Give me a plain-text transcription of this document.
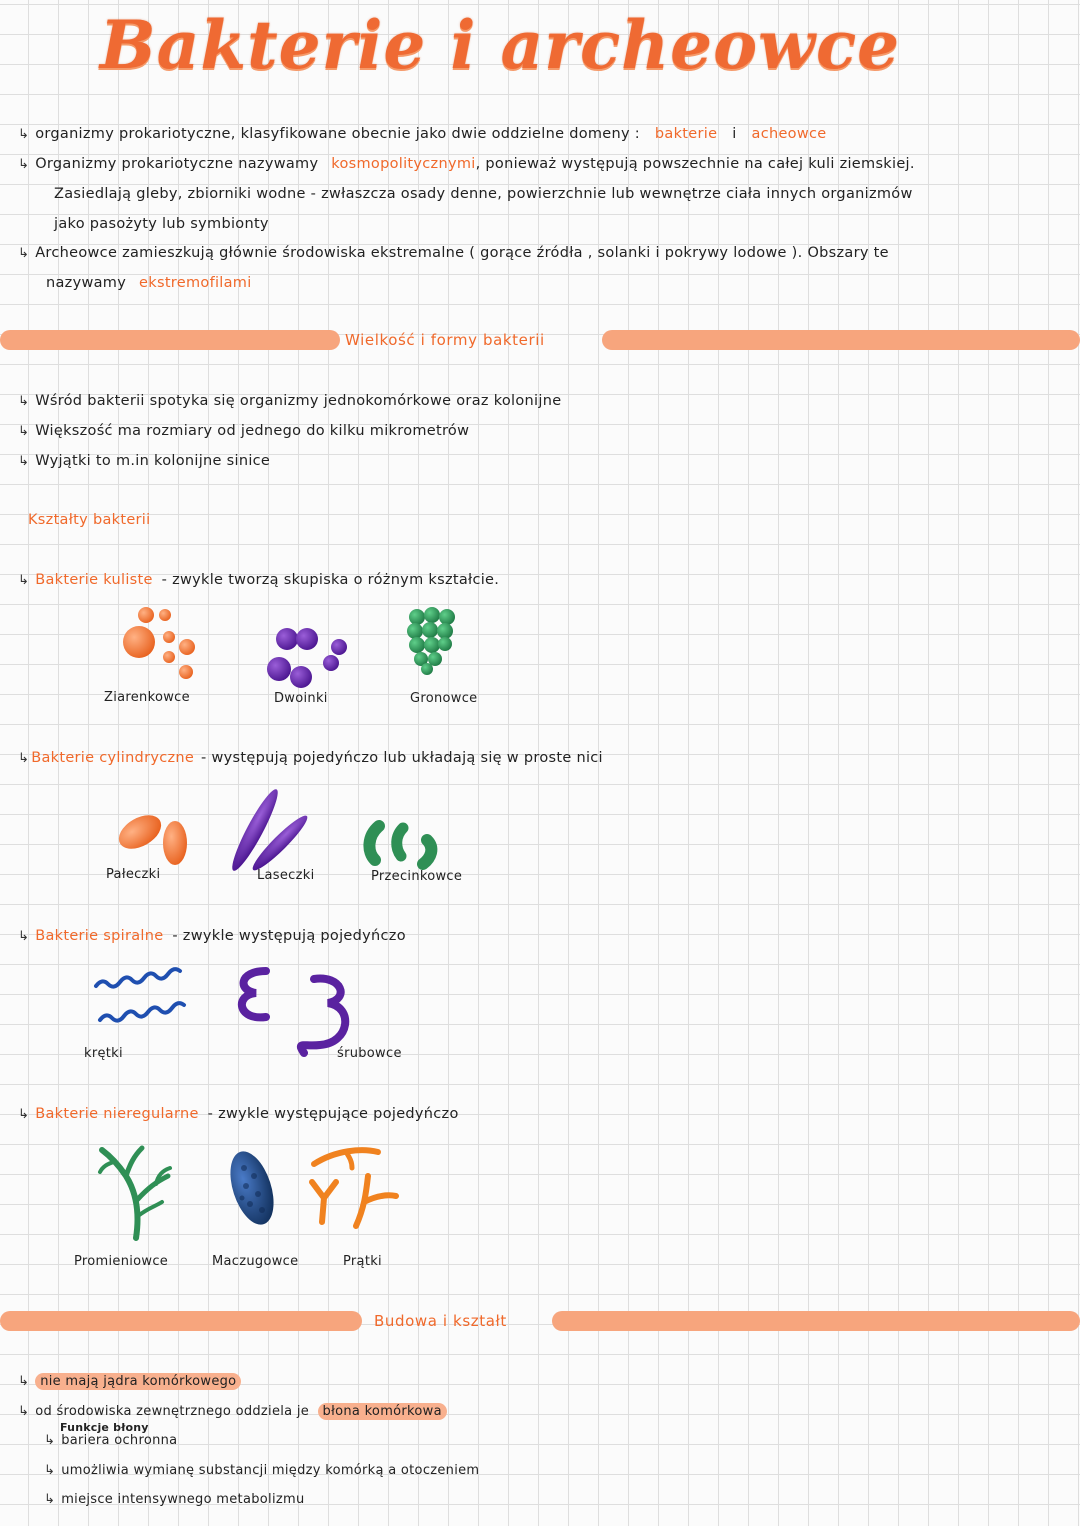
Bakterie i archeowce
↳ organizmy prokariotyczne, klasyfikowane obecnie jako dwie oddzielne domeny : bakterie i acheowce
↳ Organizmy prokariotyczne nazywamy kosmopolitycznymi, ponieważ występują powszechnie na całej kuli ziemskiej.
Zasiedlają gleby, zbiorniki wodne - zwłaszcza osady denne, powierzchnie lub wewnętrze ciała innych organizmów
jako pasożyty lub symbionty
↳ Archeowce zamieszkują głównie środowiska ekstremalne ( gorące źródła , solanki i pokrywy lodowe ). Obszary te
nazywamy ekstremofilami
Wielkość i formy bakterii
↳ Wśród bakterii spotyka się organizmy jednokomórkowe oraz kolonijne
↳ Większość ma rozmiary od jednego do kilku mikrometrów
↳ Wyjątki to m.in kolonijne sinice
Kształty bakterii
↳ Bakterie kuliste - zwykle tworzą skupiska o różnym kształcie.
Ziarenkowce	Dwoinki	Gronowce
↳ Bakterie cylindryczne - występują pojedyńczo lub układają się w proste nici
Pałeczki	Laseczki	Przecinkowce
↳ Bakterie spiralne - zwykle występują pojedyńczo
krętki	śrubowce
↳ Bakterie nieregularne - zwykle występujące pojedyńczo
Promieniowce	Maczugowce	Prątki
Budowa i kształt
↳ nie mają jądra komórkowego
↳ od środowiska zewnętrznego oddziela je błona komórkowa
Funkcje błony
↳ bariera ochronna
↳ umożliwia wymianę substancji między komórką a otoczeniem
↳ miejsce intensywnego metabolizmu
